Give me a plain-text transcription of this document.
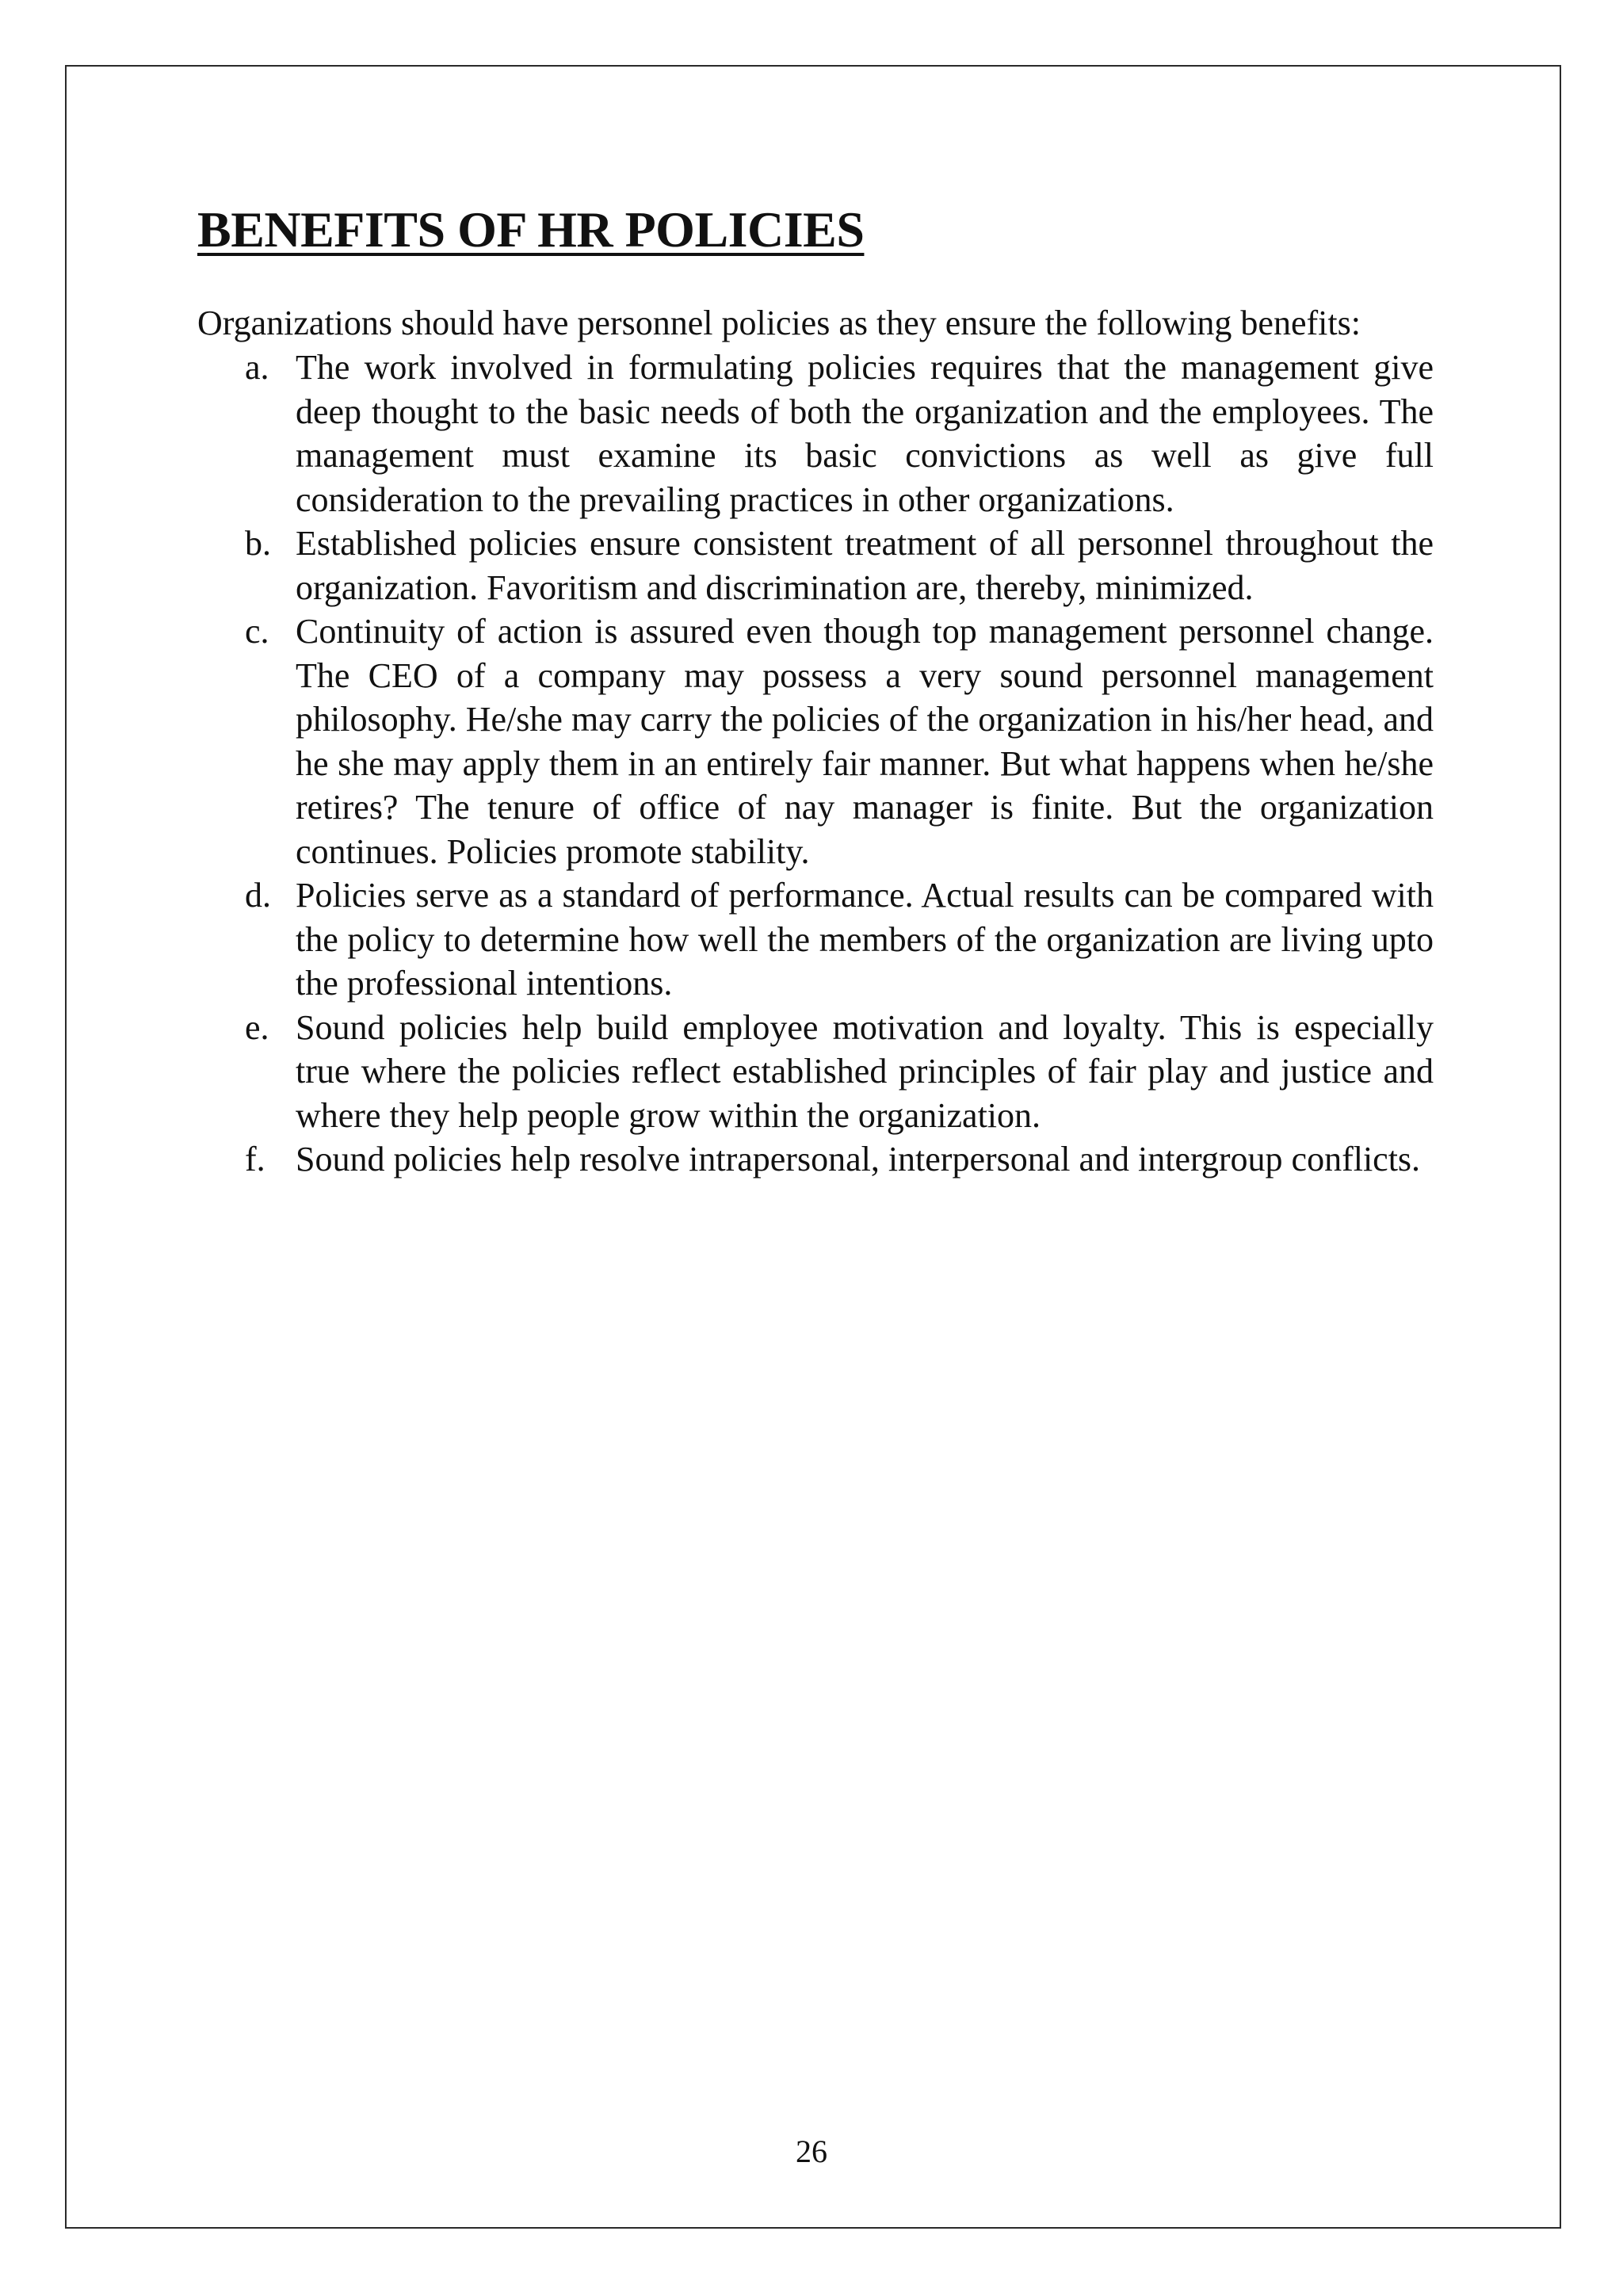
BENEFITS OF HR POLICIES

Organizations should have personnel policies as they ensure the following benefits:

a. The work involved in formulating policies requires that the management give deep thought to the basic needs of both the organization and the employees. The management must examine its basic convictions as well as give full consideration to the prevailing practices in other organizations.
b. Established policies ensure consistent treatment of all personnel throughout the organization. Favoritism and discrimination are, thereby, minimized.
c. Continuity of action is assured even though top management personnel change. The CEO of a company may possess a very sound personnel management philosophy. He/she may carry the policies of the organization in his/her head, and he she may apply them in an entirely fair manner. But what happens when he/she retires? The tenure of office of nay manager is finite. But the organization continues. Policies promote stability.
d. Policies serve as a standard of performance. Actual results can be compared with the policy to determine how well the members of the organization are living upto the professional intentions.
e. Sound policies help build employee motivation and loyalty. This is especially true where the policies reflect established principles of fair play and justice and where they help people grow within the organization.
f. Sound policies help resolve intrapersonal, interpersonal and intergroup conflicts.
26
